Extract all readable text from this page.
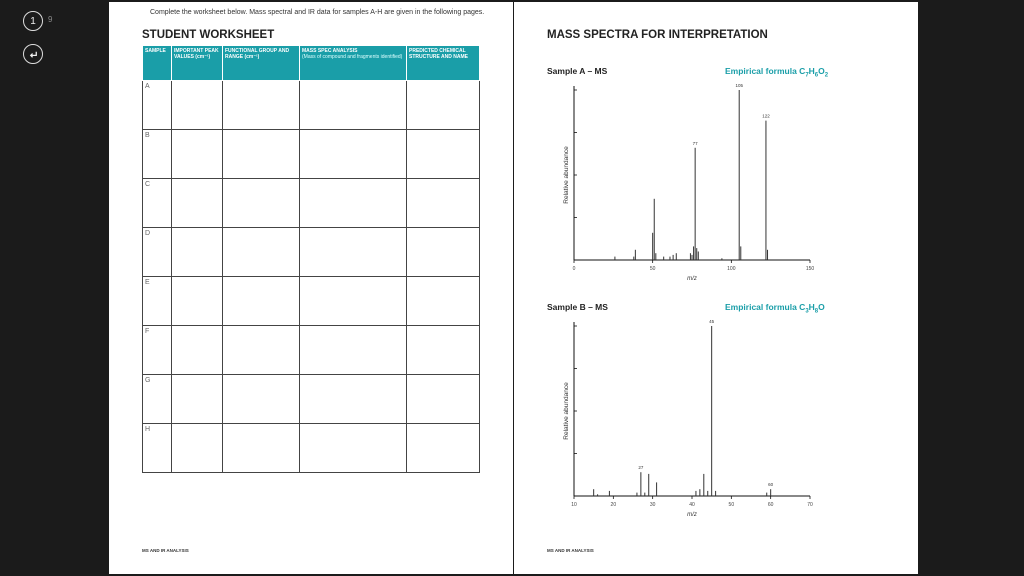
1 9
Complete the worksheet below. Mass spectral and IR data for samples A-H are given in the following pages.
STUDENT WORKSHEET
SAMPLE	IMPORTANT PEAK VALUES (cm⁻¹)	FUNCTIONAL GROUP AND RANGE (cm⁻¹)	MASS SPEC ANALYSIS
(Mass of compound and fragments identified)	PREDICTED CHEMICAL STRUCTURE AND NAME
A				
B				
C				
D				
E				
F				
G				
H				
MS AND IR ANALYSIS
MASS SPECTRA FOR INTERPRETATION
Sample A – MS	Empirical formula $C_7H_6O_2$
Relative abundance
0	50	100	150
77
105
122
m/z
Sample B – MS	Empirical formula $C_3H_8O$
Relative abundance
10	20	30	40	50	60	70
27
45
60
m/z
MS AND IR ANALYSIS
